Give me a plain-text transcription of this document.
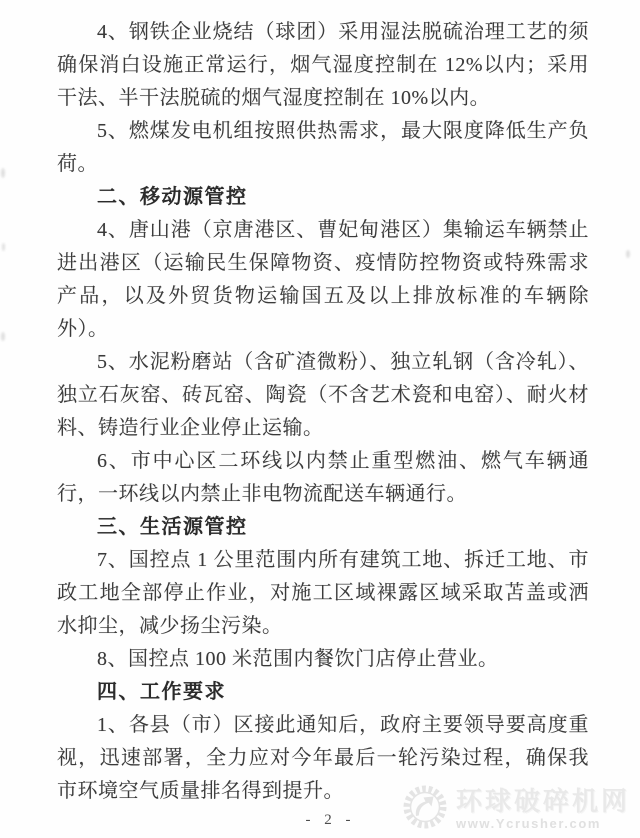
4、钢铁企业烧结（球团）采用湿法脱硫治理工艺的须确保消白设施正常运行，烟气湿度控制在 12%以内；采用干法、半干法脱硫的烟气湿度控制在 10%以内。

5、燃煤发电机组按照供热需求，最大限度降低生产负荷。

二、移动源管控

4、唐山港（京唐港区、曹妃甸港区）集输运车辆禁止进出港区（运输民生保障物资、疫情防控物资或特殊需求产品，以及外贸货物运输国五及以上排放标准的车辆除外）。

5、水泥粉磨站（含矿渣微粉）、独立轧钢（含冷轧）、独立石灰窑、砖瓦窑、陶瓷（不含艺术瓷和电窑）、耐火材料、铸造行业企业停止运输。

6、市中心区二环线以内禁止重型燃油、燃气车辆通行，一环线以内禁止非电物流配送车辆通行。

三、生活源管控

7、国控点 1 公里范围内所有建筑工地、拆迁工地、市政工地全部停止作业，对施工区域裸露区域采取苫盖或洒水抑尘，减少扬尘污染。

8、国控点 100 米范围内餐饮门店停止营业。

四、工作要求

1、各县（市）区接此通知后，政府主要领导要高度重视，迅速部署，全力应对今年最后一轮污染过程，确保我市环境空气质量排名得到提升。

- 2 -
环球破碎机网
www.Ycrusher.com
